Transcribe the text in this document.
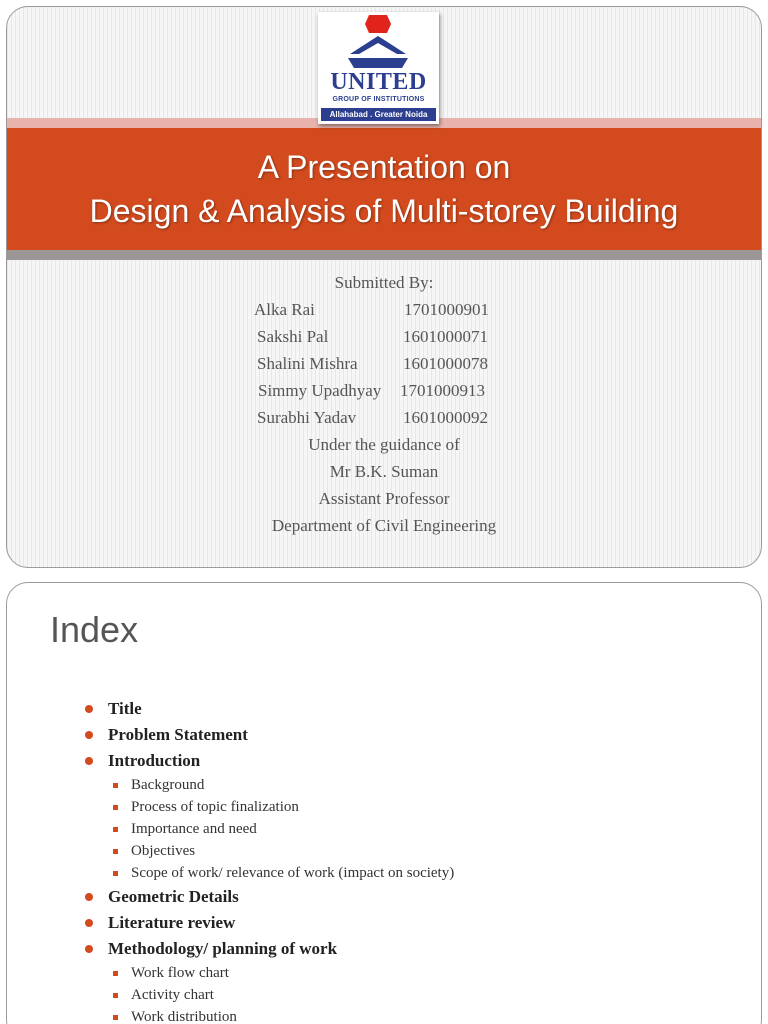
A Presentation on
Design & Analysis of Multi-storey Building
UNITED
GROUP OF INSTITUTIONS
Allahabad . Greater Noida
Submitted By:
Alka Rai	1701000901
Sakshi Pal	1601000071
Shalini Mishra	1601000078
Simmy Upadhyay 1701000913
Surabhi Yadav	1601000092
Under the guidance of
Mr B.K. Suman
Assistant Professor
Department of Civil Engineering
Index
Title
Problem Statement
Introduction
Background
Process of topic finalization
Importance and need
Objectives
Scope of work/ relevance of work (impact on society)
Geometric Details
Literature review
Methodology/ planning of work
Work flow chart
Activity chart
Work distribution
